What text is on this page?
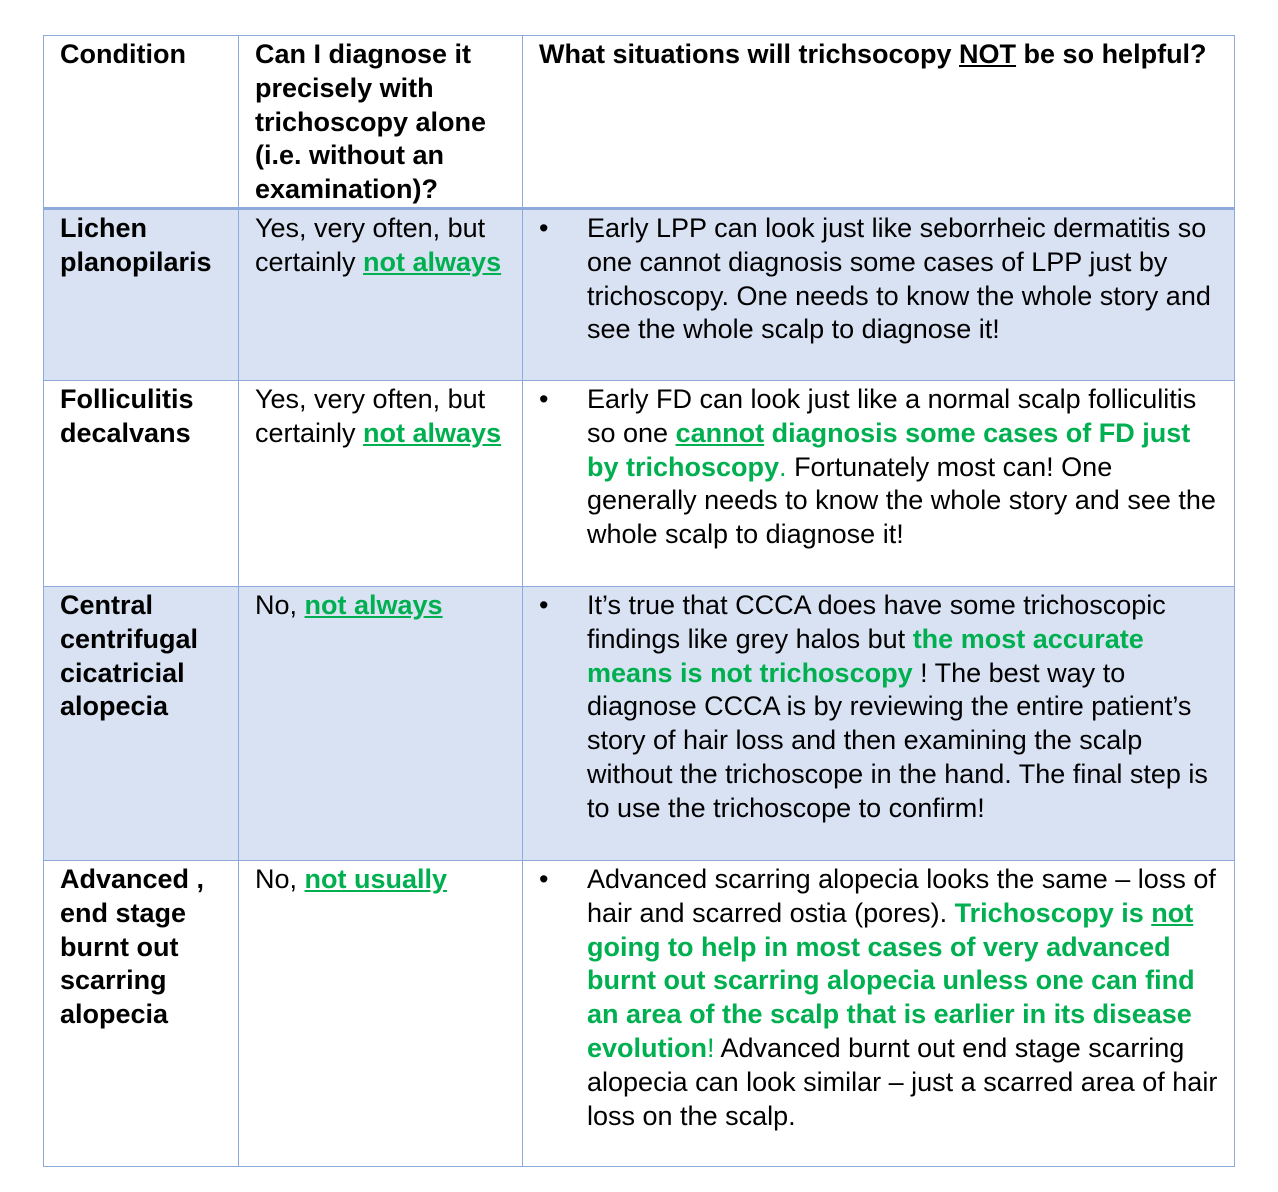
Condition	Can I diagnose it precisely with trichoscopy alone (i.e. without an examination)?	What situations will trichsocopy NOT be so helpful?
Lichen planopilaris	Yes, very often, but certainly not always	• Early LPP can look just like seborrheic dermatitis so one cannot diagnosis some cases of LPP just by trichoscopy. One needs to know the whole story and see the whole scalp to diagnose it!

Folliculitis decalvans	Yes, very often, but certainly not always	• Early FD can look just like a normal scalp folliculitis so one cannot diagnosis some cases of FD just by trichoscopy. Fortunately most can! One generally needs to know the whole story and see the whole scalp to diagnose it!

Central centrifugal cicatricial alopecia	No, not always	• It’s true that CCCA does have some trichoscopic findings like grey halos but the most accurate means is not trichoscopy ! The best way to diagnose CCCA is by reviewing the entire patient’s story of hair loss and then examining the scalp without the trichoscope in the hand. The final step is to use the trichoscope to confirm!

Advanced , end stage burnt out scarring alopecia	No, not usually	• Advanced scarring alopecia looks the same – loss of hair and scarred ostia (pores). Trichoscopy is not going to help in most cases of very advanced burnt out scarring alopecia unless one can find an area of the scalp that is earlier in its disease evolution! Advanced burnt out end stage scarring alopecia can look similar – just a scarred area of hair loss on the scalp.
